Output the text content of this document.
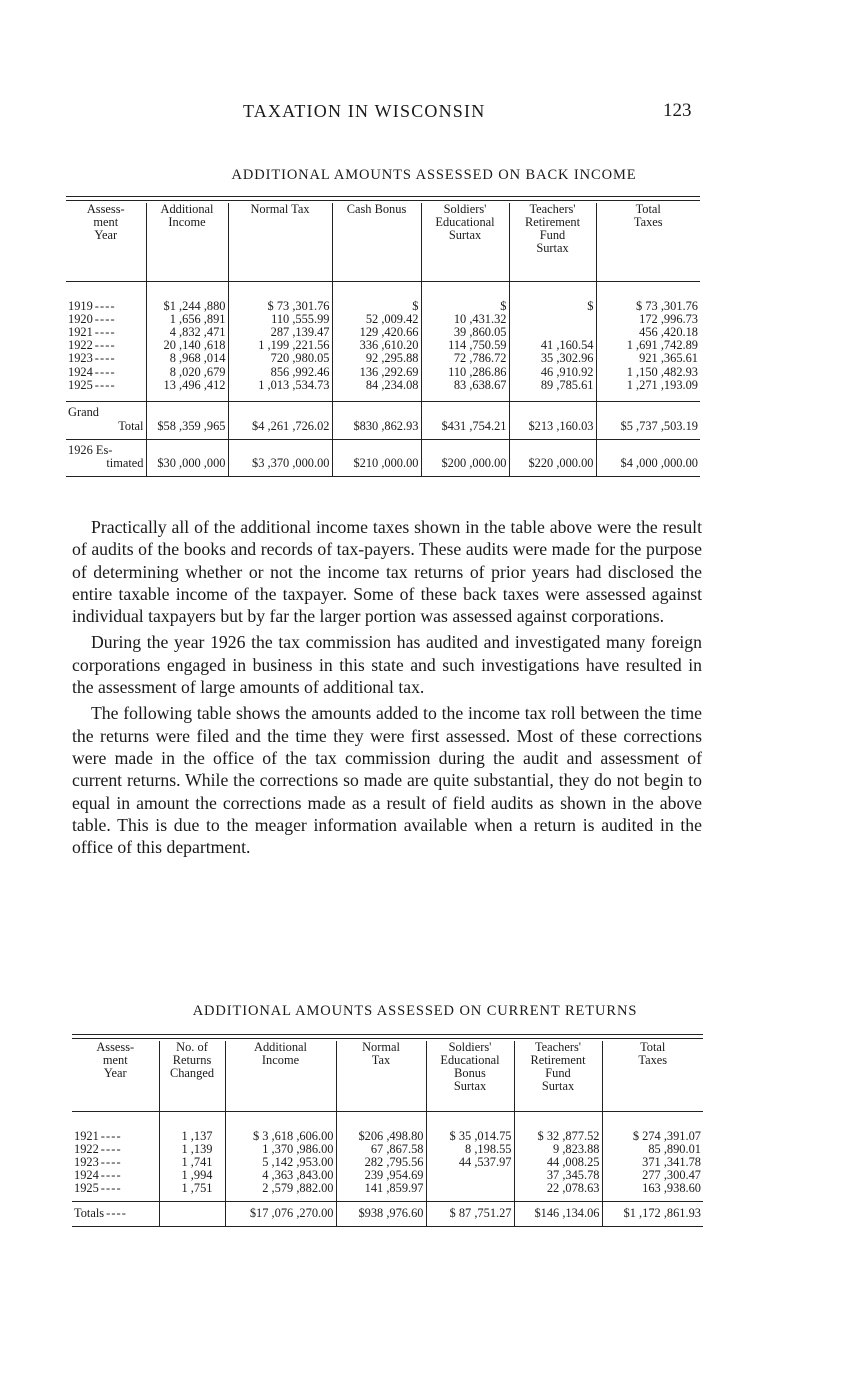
TAXATION IN WISCONSIN	123
ADDITIONAL AMOUNTS ASSESSED ON BACK INCOME
Assess-
ment
Year	Additional
Income	Normal Tax	Cash Bonus	Soldiers'
Educational
Surtax	Teachers'
Retirement
Fund
Surtax	Total
Taxes

1919 - - - -	$1 ,244 ,880	$ 73 ,301.76	$	$	$	$ 73 ,301.76
1920 - - - -	1 ,656 ,891	110 ,555.99	52 ,009.42	10 ,431.32		172 ,996.73
1921 - - - -	4 ,832 ,471	287 ,139.47	129 ,420.66	39 ,860.05		456 ,420.18
1922 - - - -	20 ,140 ,618	1 ,199 ,221.56	336 ,610.20	114 ,750.59	41 ,160.54	1 ,691 ,742.89
1923 - - - -	8 ,968 ,014	720 ,980.05	92 ,295.88	72 ,786.72	35 ,302.96	921 ,365.61
1924 - - - -	8 ,020 ,679	856 ,992.46	136 ,292.69	110 ,286.86	46 ,910.92	1 ,150 ,482.93
1925 - - - -	13 ,496 ,412	1 ,013 ,534.73	84 ,234.08	83 ,638.67	89 ,785.61	1 ,271 ,193.09

Grand
Total	$58 ,359 ,965	$4 ,261 ,726.02	$830 ,862.93	$431 ,754.21	$213 ,160.03	$5 ,737 ,503.19

1926 Es-
timated	$30 ,000 ,000	$3 ,370 ,000.00	$210 ,000.00	$200 ,000.00	$220 ,000.00	$4 ,000 ,000.00

Practically all of the additional income taxes shown in the table above were the result of audits of the books and records of tax-payers. These audits were made for the purpose of determining whether or not the income tax returns of prior years had disclosed the entire taxable income of the taxpayer. Some of these back taxes were assessed against individual taxpayers but by far the larger portion was assessed against corporations.

During the year 1926 the tax commission has audited and investigated many foreign corporations engaged in business in this state and such investigations have resulted in the assessment of large amounts of additional tax.

The following table shows the amounts added to the income tax roll between the time the returns were filed and the time they were first assessed. Most of these corrections were made in the office of the tax commission during the audit and assessment of current returns. While the corrections so made are quite substantial, they do not begin to equal in amount the corrections made as a result of field audits as shown in the above table. This is due to the meager information available when a return is audited in the office of this department.

ADDITIONAL AMOUNTS ASSESSED ON CURRENT RETURNS
Assess-
ment
Year	No. of
Returns
Changed	Additional
Income	Normal
Tax	Soldiers'
Educational
Bonus
Surtax	Teachers'
Retirement
Fund
Surtax	Total
Taxes

1921 - - - -	1 ,137	$ 3 ,618 ,606.00	$206 ,498.80	$ 35 ,014.75	$ 32 ,877.52	$ 274 ,391.07
1922 - - - -	1 ,139	1 ,370 ,986.00	67 ,867.58	8 ,198.55	9 ,823.88	85 ,890.01
1923 - - - -	1 ,741	5 ,142 ,953.00	282 ,795.56	44 ,537.97	44 ,008.25	371 ,341.78
1924 - - - -	1 ,994	4 ,363 ,843.00	239 ,954.69		37 ,345.78	277 ,300.47
1925 - - - -	1 ,751	2 ,579 ,882.00	141 ,859.97		22 ,078.63	163 ,938.60

Totals - - - -		$17 ,076 ,270.00	$938 ,976.60	$ 87 ,751.27	$146 ,134.06	$1 ,172 ,861.93
